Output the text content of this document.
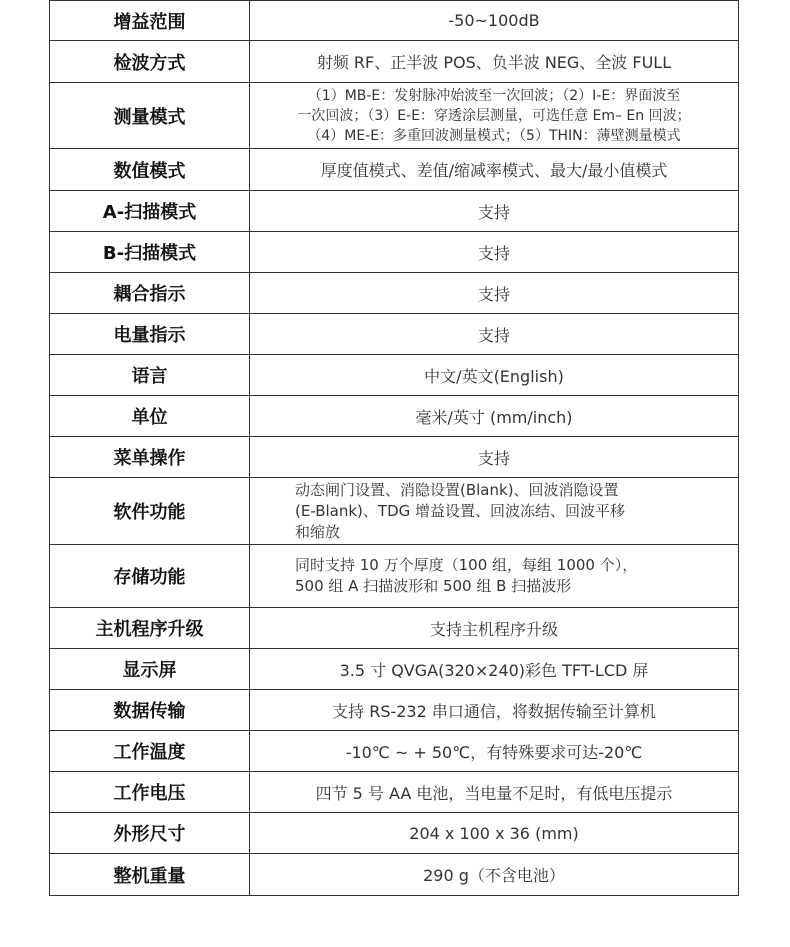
增益范围	-50~100dB

检波方式	射频 RF、正半波 POS、负半波 NEG、全波 FULL

测量模式	（1）MB-E：发射脉冲始波至一次回波；（2）I-E：界面波至
一次回波；（3）E-E：穿透涂层测量，可选任意 Em– En 回波；
（4）ME-E：多重回波测量模式；（5）THIN：薄壁测量模式

数值模式	厚度值模式、差值/缩减率模式、最大/最小值模式

A-扫描模式	支持

B-扫描模式	支持

耦合指示	支持

电量指示	支持

语言	中文/英文(English)

单位	毫米/英寸 (mm/inch)

菜单操作	支持

软件功能	动态闸门设置、消隐设置(Blank)、回波消隐设置
(E-Blank)、TDG 增益设置、回波冻结、回波平移
和缩放

存储功能	同时支持 10 万个厚度（100 组，每组 1000 个），
500 组 A 扫描波形和 500 组 B 扫描波形

主机程序升级	支持主机程序升级

显示屏	3.5 寸 QVGA(320×240)彩色 TFT-LCD 屏

数据传输	支持 RS-232 串口通信，将数据传输至计算机

工作温度	-10℃ ~ + 50℃，有特殊要求可达-20℃

工作电压	四节 5 号 AA 电池，当电量不足时，有低电压提示

外形尺寸	204 x 100 x 36 (mm)

整机重量	290 g（不含电池）
